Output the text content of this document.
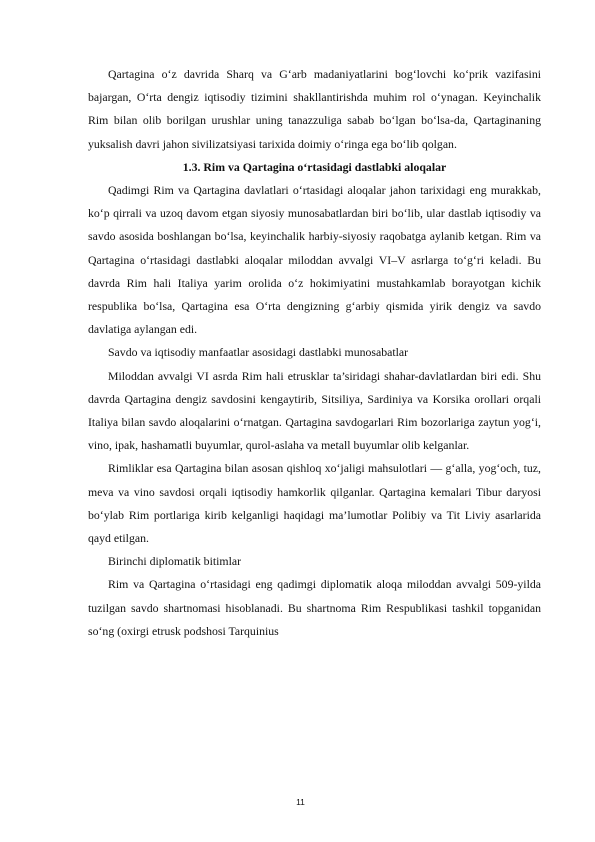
Qartagina o‘z davrida Sharq va G‘arb madaniyatlarini bog‘lovchi ko‘prik vazifasini bajargan, O‘rta dengiz iqtisodiy tizimini shakllantirishda muhim rol o‘ynagan. Keyinchalik Rim bilan olib borilgan urushlar uning tanazzuliga sabab bo‘lgan bo‘lsa-da, Qartaginaning yuksalish davri jahon sivilizatsiyasi tarixida doimiy o‘ringa ega bo‘lib qolgan.

1.3. Rim va Qartagina o‘rtasidagi dastlabki aloqalar

Qadimgi Rim va Qartagina davlatlari o‘rtasidagi aloqalar jahon tarixidagi eng murakkab, ko‘p qirrali va uzoq davom etgan siyosiy munosabatlardan biri bo‘lib, ular dastlab iqtisodiy va savdo asosida boshlangan bo‘lsa, keyinchalik harbiy-siyosiy raqobatga aylanib ketgan. Rim va Qartagina o‘rtasidagi dastlabki aloqalar miloddan avvalgi VI–V asrlarga to‘g‘ri keladi. Bu davrda Rim hali Italiya yarim orolida o‘z hokimiyatini mustahkamlab borayotgan kichik respublika bo‘lsa, Qartagina esa O‘rta dengizning g‘arbiy qismida yirik dengiz va savdo davlatiga aylangan edi.

Savdo va iqtisodiy manfaatlar asosidagi dastlabki munosabatlar

Miloddan avvalgi VI asrda Rim hali etrusklar ta’siridagi shahar-davlatlardan biri edi. Shu davrda Qartagina dengiz savdosini kengaytirib, Sitsiliya, Sardiniya va Korsika orollari orqali Italiya bilan savdo aloqalarini o‘rnatgan. Qartagina savdogarlari Rim bozorlariga zaytun yog‘i, vino, ipak, hashamatli buyumlar, qurol-aslaha va metall buyumlar olib kelganlar.

Rimliklar esa Qartagina bilan asosan qishloq xo‘jaligi mahsulotlari — g‘alla, yog‘och, tuz, meva va vino savdosi orqali iqtisodiy hamkorlik qilganlar. Qartagina kemalari Tibur daryosi bo‘ylab Rim portlariga kirib kelganligi haqidagi ma’lumotlar Polibiy va Tit Liviy asarlarida qayd etilgan.

Birinchi diplomatik bitimlar

Rim va Qartagina o‘rtasidagi eng qadimgi diplomatik aloqa miloddan avvalgi 509-yilda tuzilgan savdo shartnomasi hisoblanadi. Bu shartnoma Rim Respublikasi tashkil topganidan so‘ng (oxirgi etrusk podshosi Tarquinius

11
